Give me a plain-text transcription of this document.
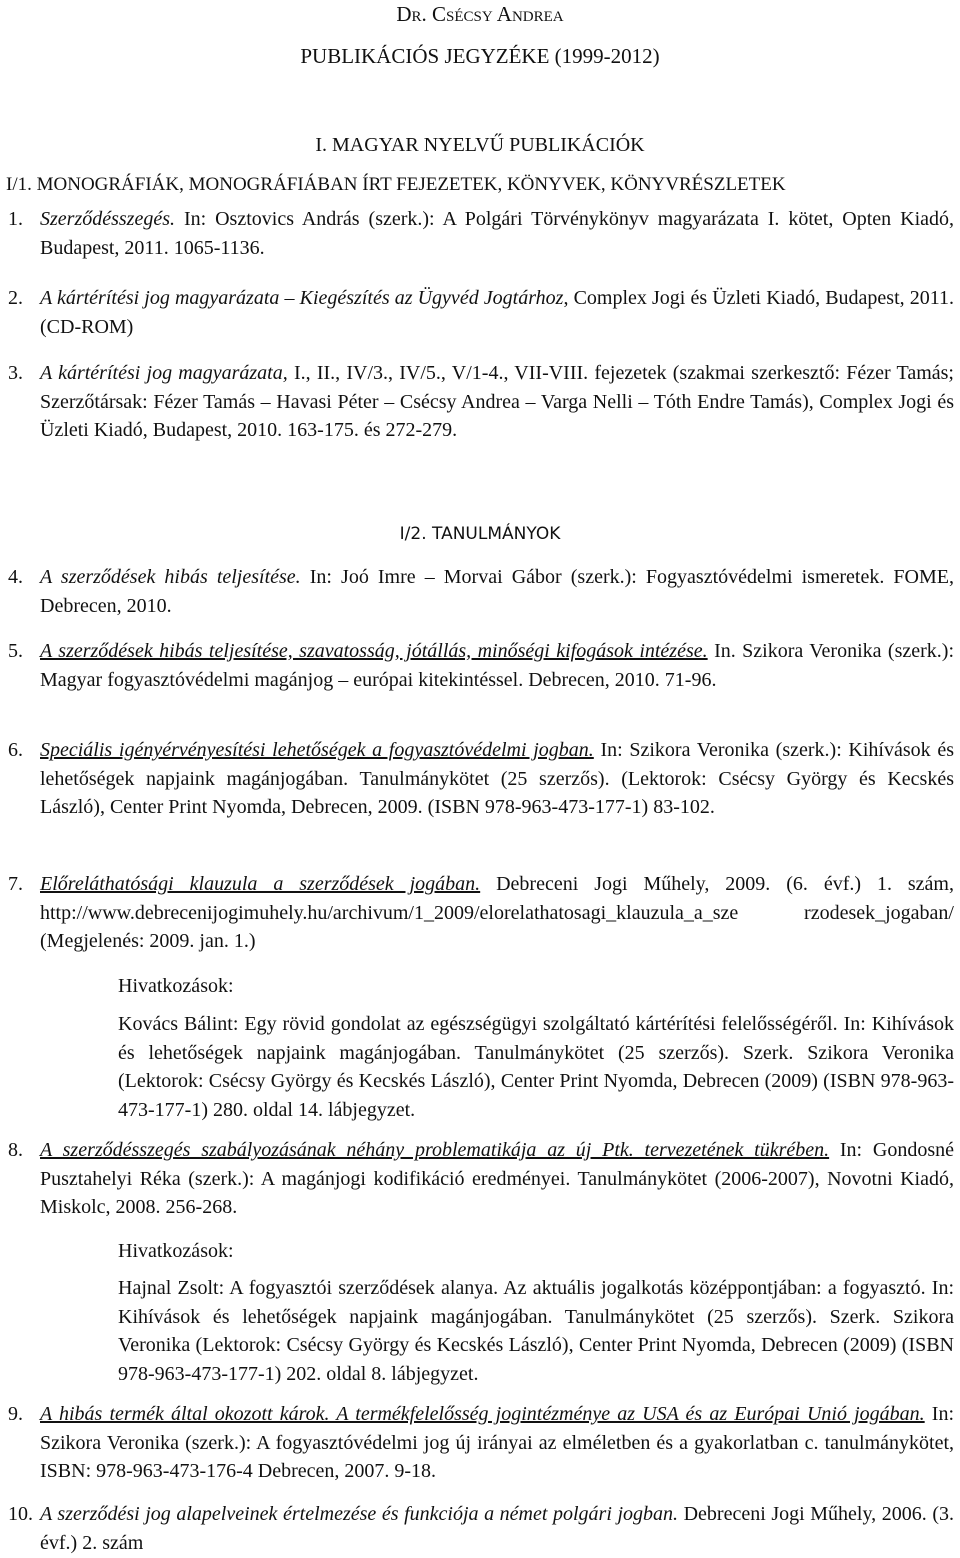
Dr. Csécsy Andrea
PUBLIKÁCIÓS JEGYZÉKE (1999-2012)
I. MAGYAR NYELVŰ PUBLIKÁCIÓK
I/1. MONOGRÁFIÁK, MONOGRÁFIÁBAN ÍRT FEJEZETEK, KÖNYVEK, KÖNYVRÉSZLETEK
1. Szerződésszegés. In: Osztovics András (szerk.): A Polgári Törvénykönyv magyarázata I. kötet, Opten Kiadó, Budapest, 2011. 1065-1136.
2. A kártérítési jog magyarázata – Kiegészítés az Ügyvéd Jogtárhoz, Complex Jogi és Üzleti Kiadó, Budapest, 2011. (CD-ROM)
3. A kártérítési jog magyarázata, I., II., IV/3., IV/5., V/1-4., VII-VIII. fejezetek (szakmai szerkesztő: Fézer Tamás; Szerzőtársak: Fézer Tamás – Havasi Péter – Csécsy Andrea – Varga Nelli – Tóth Endre Tamás), Complex Jogi és Üzleti Kiadó, Budapest, 2010. 163-175. és 272-279.
I/2. TANULMÁNYOK
4. A szerződések hibás teljesítése. In: Joó Imre – Morvai Gábor (szerk.): Fogyasztóvédelmi ismeretek. FOME, Debrecen, 2010.
5. A szerződések hibás teljesítése, szavatosság, jótállás, minőségi kifogások intézése. In. Szikora Veronika (szerk.): Magyar fogyasztóvédelmi magánjog – európai kitekintéssel. Debrecen, 2010. 71-96.
6. Speciális igényérvényesítési lehetőségek a fogyasztóvédelmi jogban. In: Szikora Veronika (szerk.): Kihívások és lehetőségek napjaink magánjogában. Tanulmánykötet (25 szerzős). (Lektorok: Csécsy György és Kecskés László), Center Print Nyomda, Debrecen, 2009. (ISBN 978-963-473-177-1) 83-102.
7. Előreláthatósági klauzula a szerződések jogában. Debreceni Jogi Műhely, 2009. (6. évf.) 1. szám, http://www.debrecenijogimuhely.hu/archivum/1_2009/elorelathatosagi_klauzula_a_sze rzodesek_jogaban/ (Megjelenés: 2009. jan. 1.)
Hivatkozások:
Kovács Bálint: Egy rövid gondolat az egészségügyi szolgáltató kártérítési felelősségéről. In: Kihívások és lehetőségek napjaink magánjogában. Tanulmánykötet (25 szerzős). Szerk. Szikora Veronika (Lektorok: Csécsy György és Kecskés László), Center Print Nyomda, Debrecen (2009) (ISBN 978-963-473-177-1) 280. oldal 14. lábjegyzet.
8. A szerződésszegés szabályozásának néhány problematikája az új Ptk. tervezetének tükrében. In: Gondosné Pusztahelyi Réka (szerk.): A magánjogi kodifikáció eredményei. Tanulmánykötet (2006-2007), Novotni Kiadó, Miskolc, 2008. 256-268.
Hivatkozások:
Hajnal Zsolt: A fogyasztói szerződések alanya. Az aktuális jogalkotás középpontjában: a fogyasztó. In: Kihívások és lehetőségek napjaink magánjogában. Tanulmánykötet (25 szerzős). Szerk. Szikora Veronika (Lektorok: Csécsy György és Kecskés László), Center Print Nyomda, Debrecen (2009) (ISBN 978-963-473-177-1) 202. oldal 8. lábjegyzet.
9. A hibás termék által okozott károk. A termékfelelősség jogintézménye az USA és az Európai Unió jogában. In: Szikora Veronika (szerk.): A fogyasztóvédelmi jog új irányai az elméletben és a gyakorlatban c. tanulmánykötet, ISBN: 978-963-473-176-4 Debrecen, 2007. 9-18.
10. A szerződési jog alapelveinek értelmezése és funkciója a német polgári jogban. Debreceni Jogi Műhely, 2006. (3. évf.) 2. szám
